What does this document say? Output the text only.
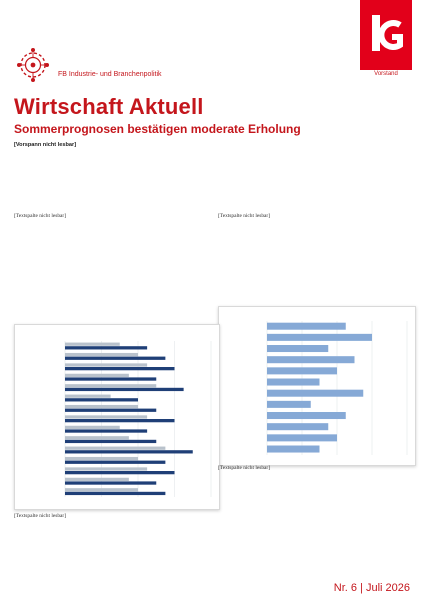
FB Industrie- und Branchenpolitik	Vorstand
Wirtschaft Aktuell
Sommerprognosen bestätigen moderate Erholung
[Vorspann nicht lesbar]
[Textspalte nicht lesbar]	[Textspalte nicht lesbar]
[Textspalte nicht lesbar]
[Textspalte nicht lesbar]
Nr. 6 | Juli 2026
